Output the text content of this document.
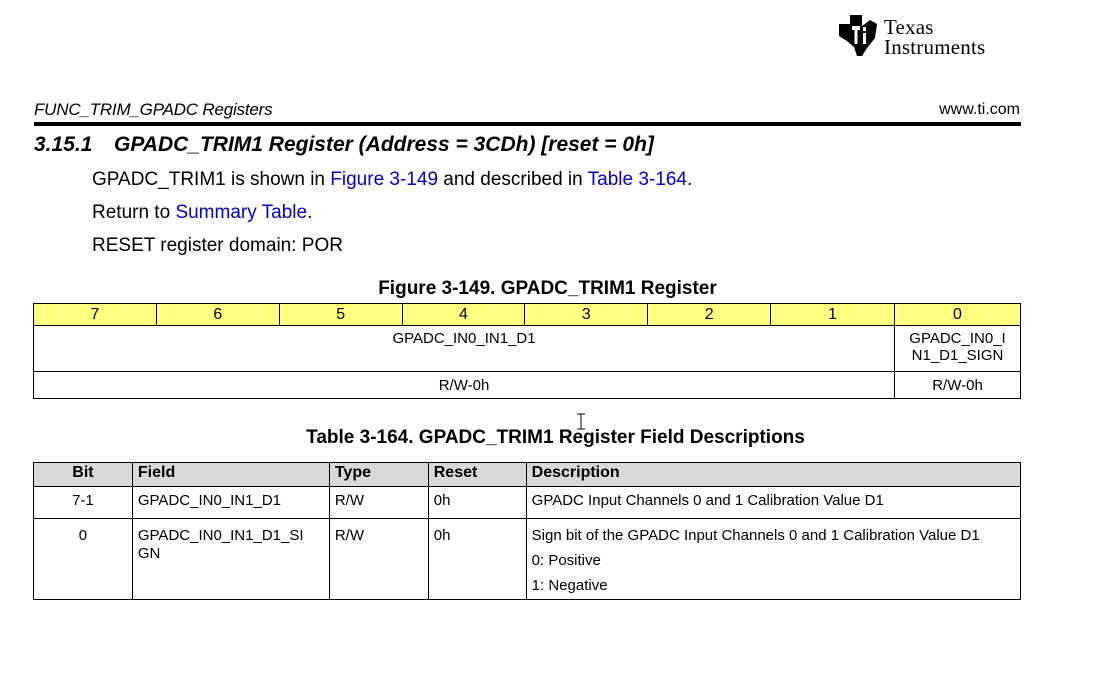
Texas
Instruments
FUNC_TRIM_GPADC Registers	www.ti.com
3.15.1 GPADC_TRIM1 Register (Address = 3CDh) [reset = 0h]
GPADC_TRIM1 is shown in Figure 3-149 and described in Table 3-164.
Return to Summary Table.
RESET register domain: POR
Figure 3-149. GPADC_TRIM1 Register
7	6	5	4	3	2	1	0
GPADC_IN0_IN1_D1							GPADC_IN0_I
N1_D1_SIGN
R/W-0h							R/W-0h
Table 3-164. GPADC_TRIM1 Register Field Descriptions
Bit	Field	Type	Reset	Description
7-1	GPADC_IN0_IN1_D1	R/W	0h	GPADC Input Channels 0 and 1 Calibration Value D1
0	GPADC_IN0_IN1_D1_SI
GN	R/W	0h	Sign bit of the GPADC Input Channels 0 and 1 Calibration Value D1
0: Positive
1: Negative
